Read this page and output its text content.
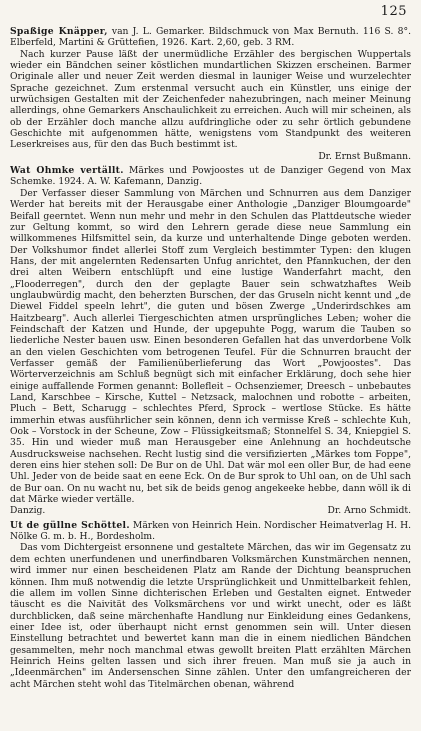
125

Spaßige Knäpper, van J. L. Gemarker. Bildschmuck von Max Bernuth. 116 S. 8°. Elberfeld, Martini & Grüttefien, 1926. Kart. 2,60, geb. 3 RM.

Nach kurzer Pause läßt der unermüdliche Erzähler des bergischen Wuppertals wieder ein Bändchen seiner köstlichen mundartlichen Skizzen erscheinen. Barmer Originale aller und neuer Zeit werden diesmal in launiger Weise und wurzelechter Sprache gezeichnet. Zum erstenmal versucht auch ein Künstler, uns einige der urwüchsigen Gestalten mit der Zeichenfeder nahezubringen, nach meiner Meinung allerdings, ohne Gemarkers Anschaulichkeit zu erreichen. Auch will mir scheinen, als ob der Erzähler doch manche allzu aufdringliche oder zu sehr örtlich gebundene Geschichte mit aufgenommen hätte, wenigstens vom Standpunkt des weiteren Leserkreises aus, für den das Buch bestimmt ist.

Dr. Ernst Bußmann.

Wat Ohmke vertällt. Märkes und Powjoostes ut de Danziger Gegend von Max Schemke. 1924. A. W. Kafemann, Danzig.

Der Verfasser dieser Sammlung von Märchen und Schnurren aus dem Danziger Werder hat bereits mit der Herausgabe einer Anthologie „Danziger Bloumgoarde" Beifall geerntet. Wenn nun mehr und mehr in den Schulen das Plattdeutsche wieder zur Geltung kommt, so wird den Lehrern gerade diese neue Sammlung ein willkommenes Hilfsmittel sein, da kurze und unterhaltende Dinge geboten werden. Der Volkshumor findet allerlei Stoff zum Vergleich bestimmter Typen: den klugen Hans, der mit angelernten Redensarten Unfug anrichtet, den Pfannkuchen, der den drei alten Weibern entschlüpft und eine lustige Wanderfahrt macht, den „Flooderregen", durch den der geplagte Bauer sein schwatzhaftes Weib unglaubwürdig macht, den beherzten Burschen, der das Gruseln nicht kennt und „de Diewel Fiddel speeln lehrt", die guten und bösen Zwerge „Underirdschkes am Haitzbearg". Auch allerlei Tiergeschichten atmen ursprüngliches Leben; woher die Feindschaft der Katzen und Hunde, der upgepuhte Pogg, warum die Tauben so liederliche Nester bauen usw. Einen besonderen Gefallen hat das unverdorbene Volk an den vielen Geschichten vom betrogenen Teufel. Für die Schnurren braucht der Verfasser gemäß der Familienüberlieferung das Wort „Powjoostes". Das Wörterverzeichnis am Schluß begnügt sich mit einfacher Erklärung, doch sehe hier einige auffallende Formen genannt: Bollefleit – Ochsenziemer, Dreesch – unbebautes Land, Karschbee – Kirsche, Kuttel – Netzsack, malochnen und robotte – arbeiten, Pluch – Bett, Scharugg – schlechtes Pferd, Sprock – wertlose Stücke. Es hätte immerhin etwas ausführlicher sein können, denn ich vermisse Kreß – schlechte Kuh, Ook – Vorstock in der Scheune, Zow – Flüssigkeitsmaß; Stonnelfel S. 34, Kniepgiel S. 35. Hin und wieder muß man Herausgeber eine Anlehnung an hochdeutsche Ausdrucksweise nachsehen. Recht lustig sind die versifizierten „Märkes tom Foppe", deren eins hier stehen soll: De Bur on de Uhl. Dat wär mol een oller Bur, de had eene Uhl. Jeder von de beide saat en eene Eck. On de Bur sprok to Uhl oan, on de Uhl sach de Bur oan. On nu wacht nu, bet sik de beids genog angekeeke hebbe, dann wöll ik di dat Märke wieder vertälle.

Danzig.	Dr. Arno Schmidt.

Ut de güllne Schöttel. Märken von Heinrich Hein. Nordischer Heimatverlag H. H. Nölke G. m. b. H., Bordesholm.

Das vom Dichtergeist ersonnene und gestaltete Märchen, das wir im Gegensatz zu dem echten unerfundenen und unerfindbaren Volksmärchen Kunstmärchen nennen, wird immer nur einen bescheidenen Platz am Rande der Dichtung beanspruchen können. Ihm muß notwendig die letzte Ursprünglichkeit und Unmittelbarkeit fehlen, die allem im vollen Sinne dichterischen Erleben und Gestalten eignet. Entweder täuscht es die Naivität des Volksmärchens vor und wirkt unecht, oder es läßt durchblicken, daß seine märchenhafte Handlung nur Einkleidung eines Gedankens, einer Idee ist, oder überhaupt nicht ernst genommen sein will. Unter diesen Einstellung betrachtet und bewertet kann man die in einem niedlichen Bändchen gesammelten, mehr noch manchmal etwas gewollt breiten Platt erzählten Märchen Heinrich Heins gelten lassen und sich ihrer freuen. Man muß sie ja auch in „Ideenmärchen" im Andersenschen Sinne zählen. Unter den umfangreicheren der acht Märchen steht wohl das Titelmärchen obenan, während
